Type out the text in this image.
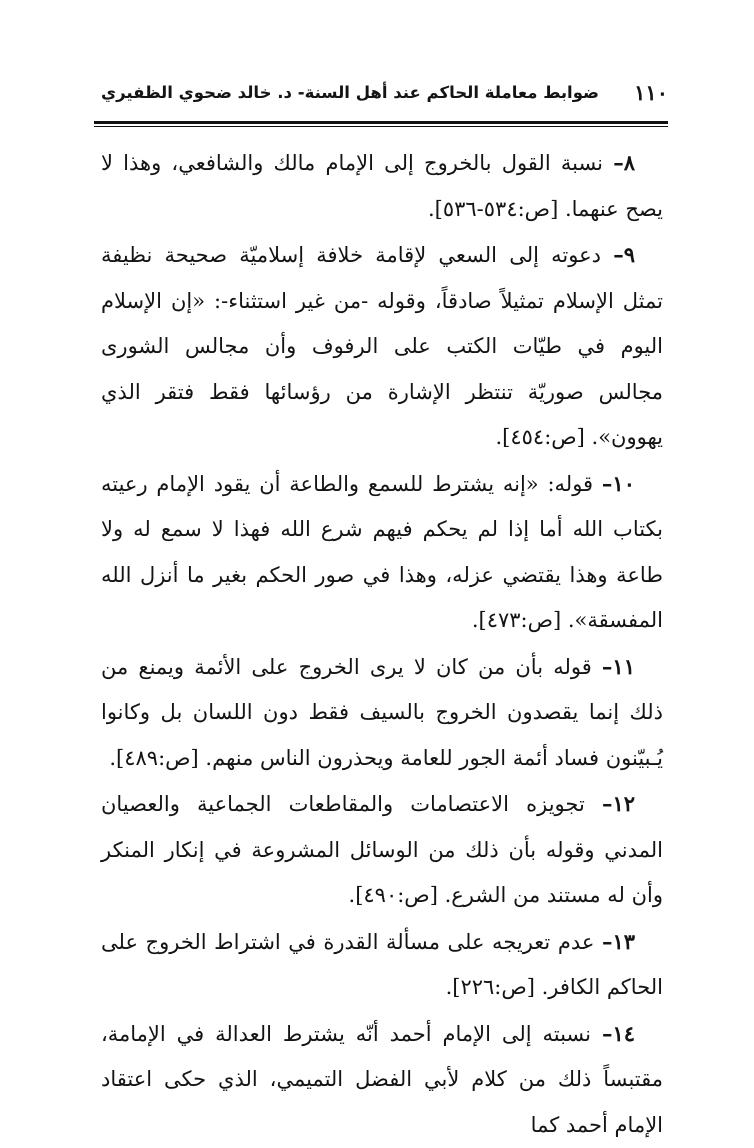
١١٠
ضوابط معاملة الحاكم عند أهل السنة- د. خالد ضحوي الظفيري

٨– نسبة القول بالخروج إلى الإمام مالك والشافعي، وهذا لا يصح عنهما. [ص:٥٣٤-٥٣٦].

٩– دعوته إلى السعي لإقامة خلافة إسلاميّة صحيحة نظيفة تمثل الإسلام تمثيلاً صادقاً، وقوله -من غير استثناء-: «إن الإسلام اليوم في طيّات الكتب على الرفوف وأن مجالس الشورى مجالس صوريّة تنتظر الإشارة من رؤسائها فقط فتقر الذي يهوون». [ص:٤٥٤].

١٠– قوله: «إنه يشترط للسمع والطاعة أن يقود الإمام رعيته بكتاب الله أما إذا لم يحكم فيهم شرع الله فهذا لا سمع له ولا طاعة وهذا يقتضي عزله، وهذا في صور الحكم بغير ما أنزل الله المفسقة». [ص:٤٧٣].

١١– قوله بأن من كان لا يرى الخروج على الأئمة ويمنع من ذلك إنما يقصدون الخروج بالسيف فقط دون اللسان بل وكانوا يُـبيّنون فساد أئمة الجور للعامة ويحذرون الناس منهم. [ص:٤٨٩].

١٢– تجويزه الاعتصامات والمقاطعات الجماعية والعصيان المدني وقوله بأن ذلك من الوسائل المشروعة في إنكار المنكر وأن له مستند من الشرع. [ص:٤٩٠].

١٣– عدم تعريجه على مسألة القدرة في اشتراط الخروج على الحاكم الكافر. [ص:٢٢٦].

١٤– نسبته إلى الإمام أحمد أنّه يشترط العدالة في الإمامة، مقتبساً ذلك من كلام لأبي الفضل التميمي، الذي حكى اعتقاد الإمام أحمد كما
